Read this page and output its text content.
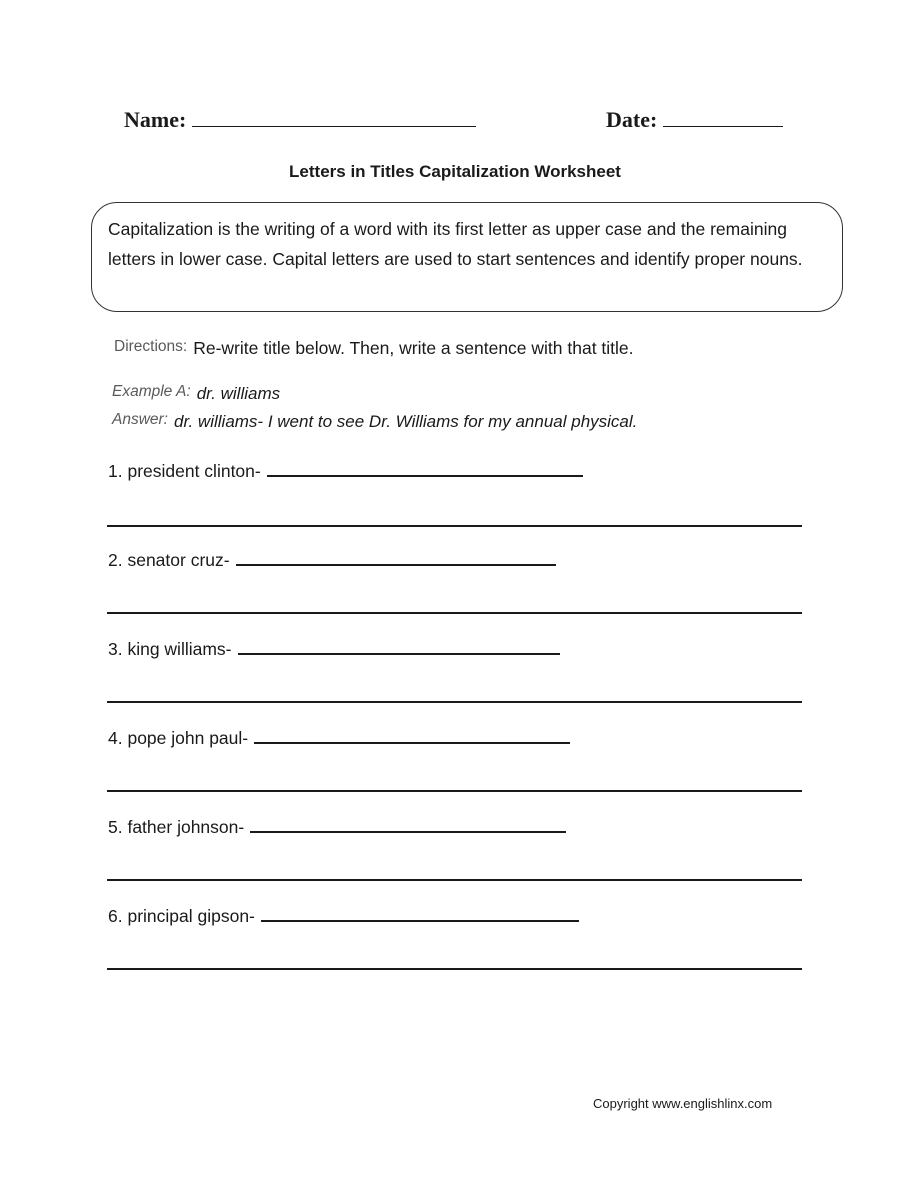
Name:	Date:
Letters in Titles Capitalization Worksheet
Capitalization is the writing of a word with its first letter as upper case and the remaining letters in lower case. Capital letters are used to start sentences and identify proper nouns.
Directions: Re-write title below. Then, write a sentence with that title.
Example A: dr. williams
Answer: dr. williams- I went to see Dr. Williams for my annual physical.
1. president clinton-
2. senator cruz-
3. king williams-
4. pope john paul-
5. father johnson-
6. principal gipson-
Copyright www.englishlinx.com
